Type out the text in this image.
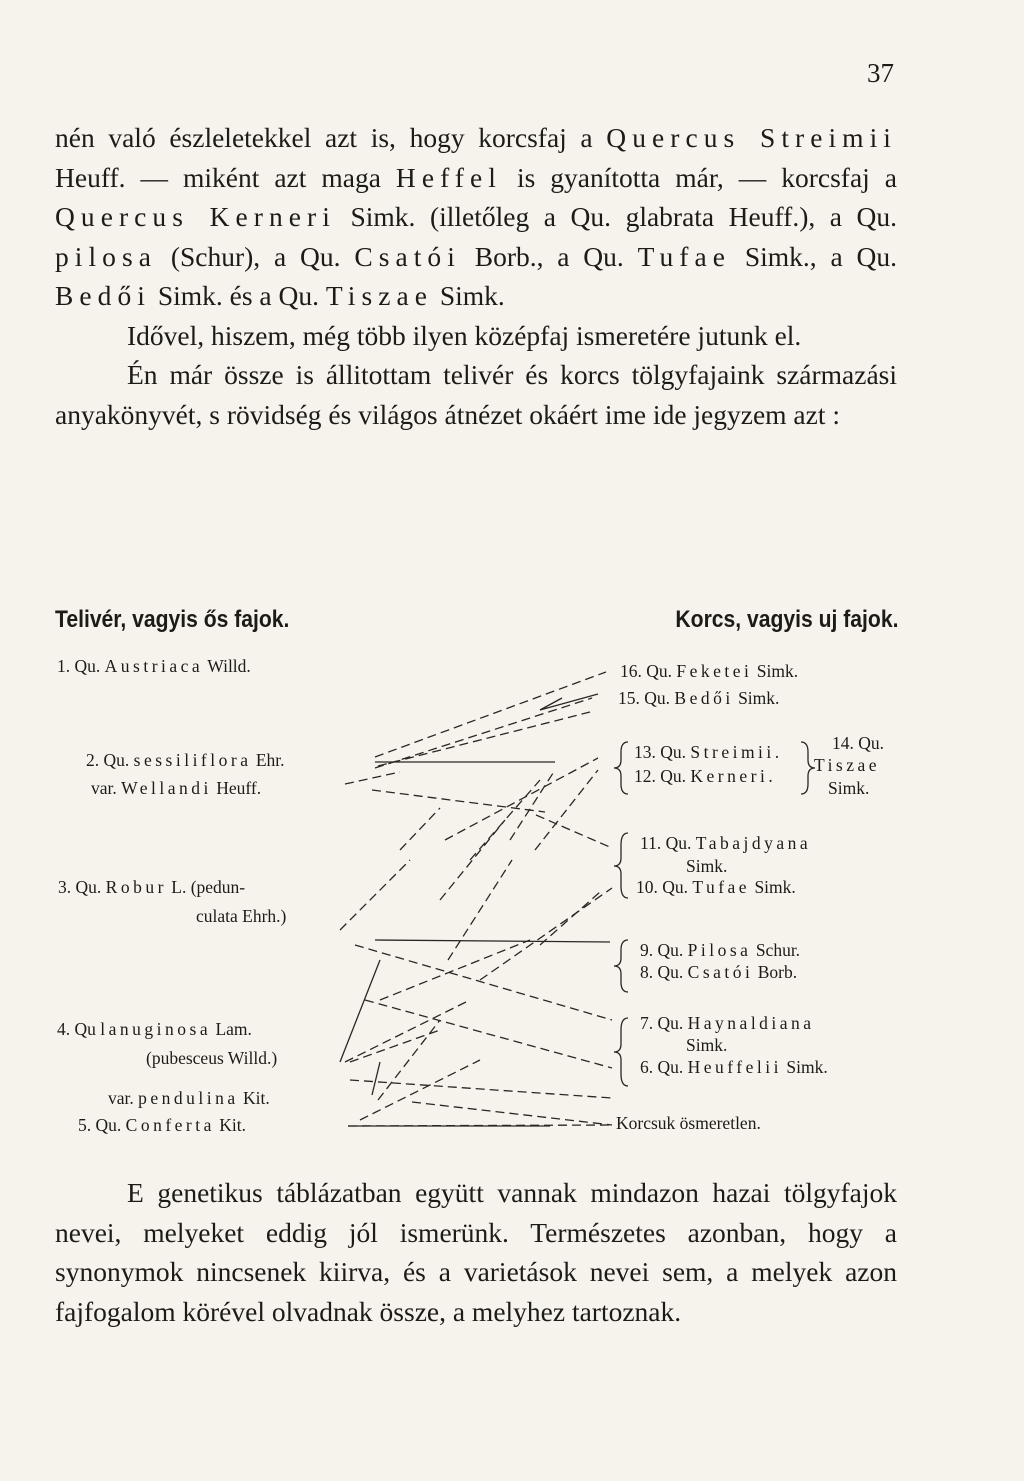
37

nén való észleletekkel azt is, hogy korcsfaj a Quercus Streimii Heuff. — miként azt maga Heffel is gyanította már, — korcsfaj a Quercus Kerneri Simk. (illetőleg a Qu. glabrata Heuff.), a Qu. pilosa (Schur), a Qu. Csatói Borb., a Qu. Tufae Simk., a Qu. Bedői Simk. és a Qu. Tiszae Simk.

Idővel, hiszem, még több ilyen középfaj ismeretére jutunk el.

Én már össze is állitottam telivér és korcs tölgyfajaink származási anyakönyvét, s rövidség és világos átnézet okáért ime ide jegyzem azt :

Telivér, vagyis ős fajok.	Korcs, vagyis uj fajok.
1. Qu. Austriaca Willd.
2. Qu. sessiliflora Ehr.
var. Wellandi Heuff.
3. Qu. Robur L. (pedun-
culata Ehrh.)
4. Qu lanuginosa Lam.
(pubesceus Willd.)
var. pendulina Kit.
5. Qu. Conferta Kit.
16. Qu. Feketei Simk.
15. Qu. Bedői Simk.
13. Qu. Streimii.
12. Qu. Kerneri.
14. Qu.
Tiszae
Simk.
11. Qu. Tabajdyana
Simk.
10. Qu. Tufae Simk.
9. Qu. Pilosa Schur.
8. Qu. Csatói Borb.
7. Qu. Haynaldiana
Simk.
6. Qu. Heuffelii Simk.
Korcsuk ösmeretlen.

E genetikus táblázatban együtt vannak mindazon hazai tölgyfajok nevei, melyeket eddig jól ismerünk. Természetes azonban, hogy a synonymok nincsenek kiirva, és a varietások nevei sem, a melyek azon fajfogalom körével olvadnak össze, a melyhez tartoznak.
